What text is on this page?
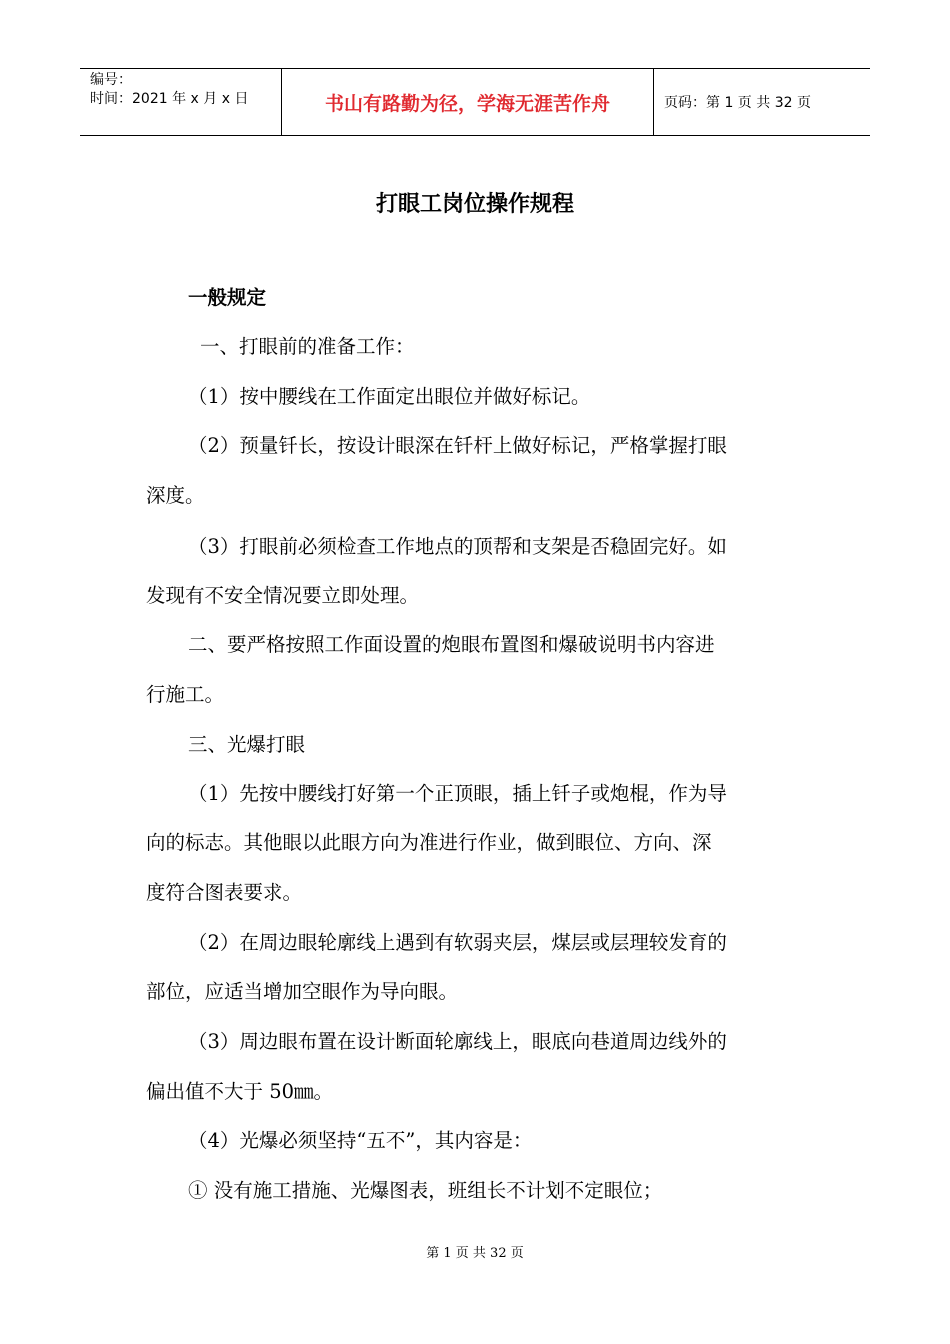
编号：
时间：2021 年 x 月 x 日	书山有路勤为径，学海无涯苦作舟	页码：第 1 页 共 32 页
打眼工岗位操作规程
一般规定
一、打眼前的准备工作：
（1）按中腰线在工作面定出眼位并做好标记。
（2）预量钎长，按设计眼深在钎杆上做好标记，严格掌握打眼
深度。
（3）打眼前必须检查工作地点的顶帮和支架是否稳固完好。如
发现有不安全情况要立即处理。
二、要严格按照工作面设置的炮眼布置图和爆破说明书内容进
行施工。
三、光爆打眼
（1）先按中腰线打好第一个正顶眼，插上钎子或炮棍，作为导
向的标志。其他眼以此眼方向为准进行作业，做到眼位、方向、深
度符合图表要求。
（2）在周边眼轮廓线上遇到有软弱夹层，煤层或层理较发育的
部位，应适当增加空眼作为导向眼。
（3）周边眼布置在设计断面轮廓线上，眼底向巷道周边线外的
偏出值不大于 50㎜。
（4）光爆必须坚持“五不”，其内容是：
① 没有施工措施、光爆图表，班组长不计划不定眼位；
第 1 页 共 32 页
